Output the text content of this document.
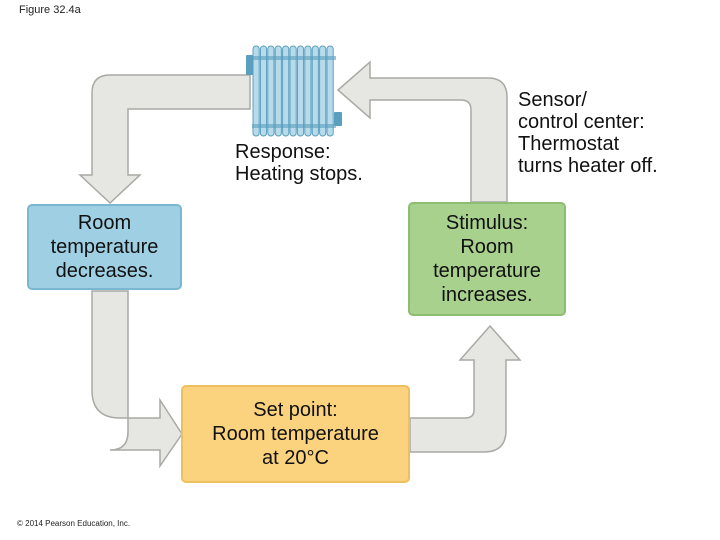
Figure 32.4a
Response:
Heating stops.
Sensor/
control center:
Thermostat
turns heater off.
Room
temperature
decreases.
Stimulus:
Room
temperature
increases.
Set point:
Room temperature
at 20°C
© 2014 Pearson Education, Inc.
